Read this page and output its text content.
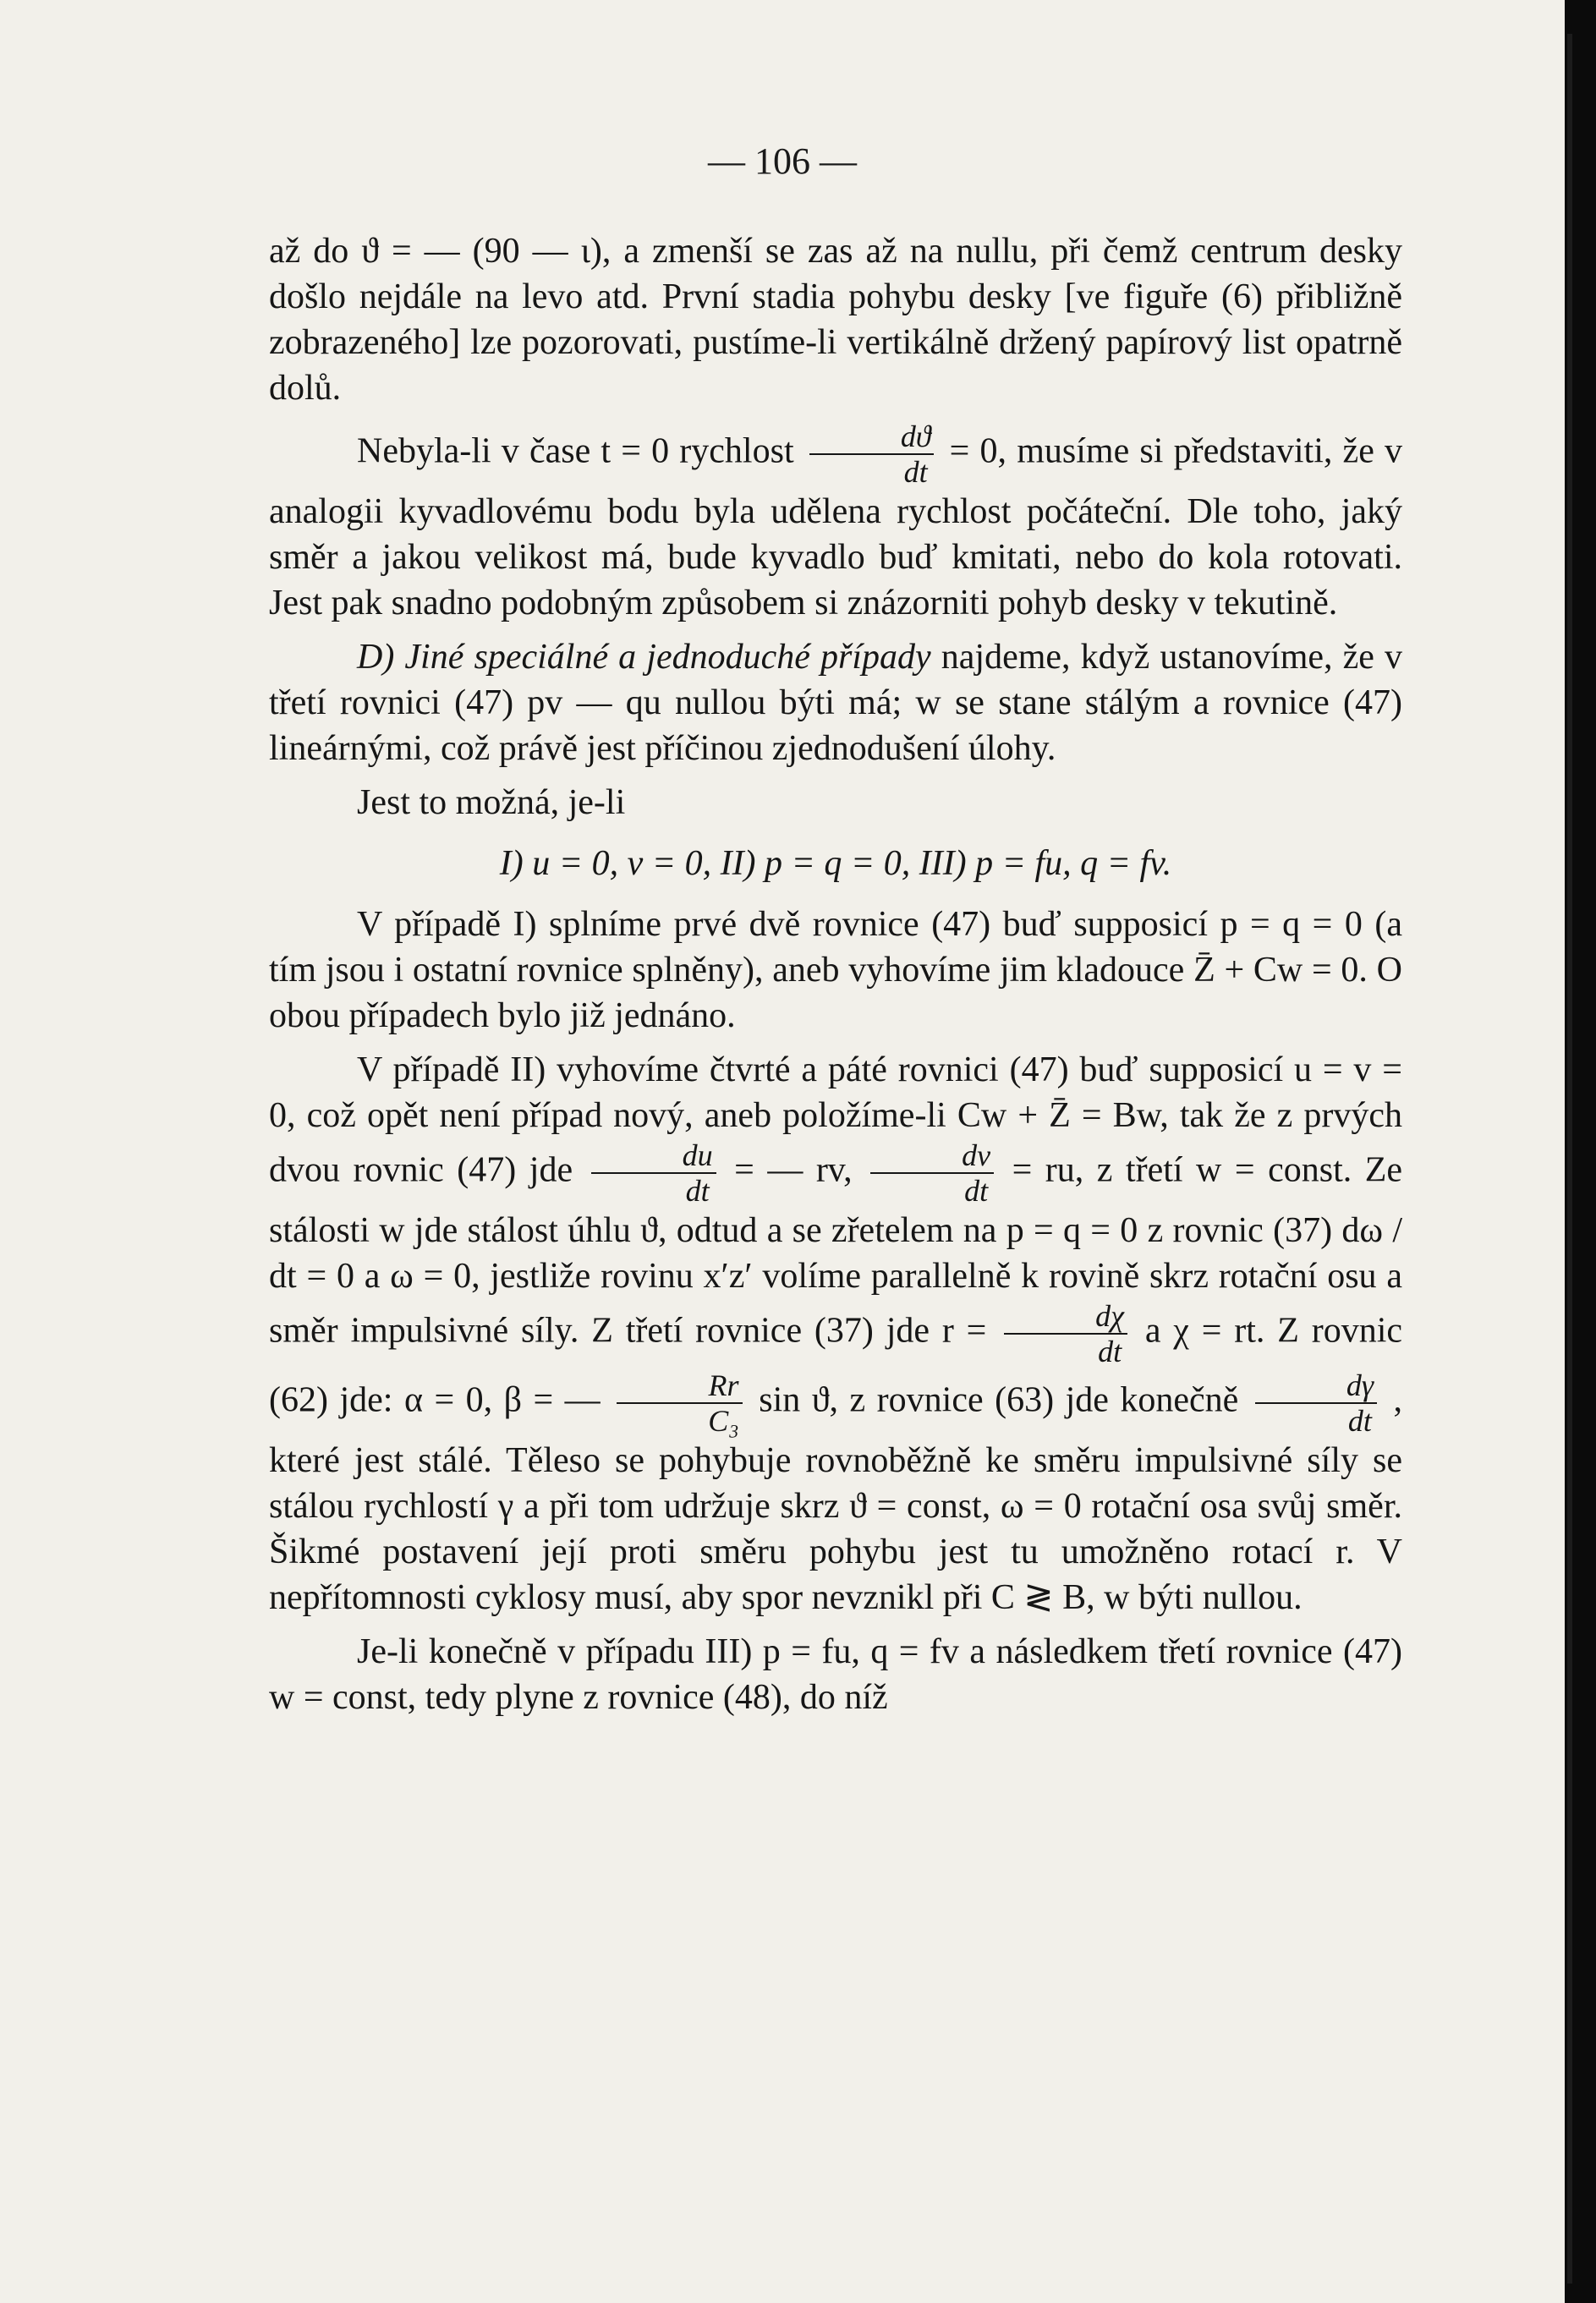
— 106 —

až do ϑ = — (90 — ι), a zmenší se zas až na nullu, při čemž centrum desky došlo nejdále na levo atd. První stadia pohybu desky [ve figuře (6) přibližně zobrazeného] lze pozorovati, pustíme-li vertikálně držený papírový list opatrně dolů.

Nebyla-li v čase t = 0 rychlost $\frac{dϑ}{dt} = 0$, musíme si představiti, že v analogii kyvadlovému bodu byla udělena rychlost počáteční. Dle toho, jaký směr a jakou velikost má, bude kyvadlo buď kmitati, nebo do kola rotovati. Jest pak snadno podobným způsobem si znázorniti pohyb desky v tekutině.

D) Jiné speciálné a jednoduché případy najdeme, když ustanovíme, že v třetí rovnici (47) pv — qu nullou býti má; w se stane stálým a rovnice (47) lineárnými, což právě jest příčinou zjednodušení úlohy.

Jest to možná, je-li

I) u = 0, v = 0, II) p = q = 0, III) p = fu, q = fv.

V případě I) splníme prvé dvě rovnice (47) buď supposicí p = q = 0 (a tím jsou i ostatní rovnice splněny), aneb vyhovíme jim kladouce Z̄ + Cw = 0. O obou případech bylo již jednáno.

V případě II) vyhovíme čtvrté a páté rovnici (47) buď supposicí u = v = 0, což opět není případ nový, aneb položíme-li Cw + Z̄ = Bw, tak že z prvých dvou rovnic (47) jde $\frac{du}{dt}$ = — rv, $\frac{dv}{dt}$ = ru, z třetí w = const. Ze stálosti w jde stálost úhlu ϑ, odtud a se zřetelem na p = q = 0 z rovnic (37) dω / dt = 0 a ω = 0, jestliže rovinu x′z′ volíme parallelně k rovině skrz rotační osu a směr impulsivné síly. Z třetí rovnice (37) jde $r = \frac{d\chi}{dt}$ a χ = rt. Z rovnic (62) jde: α = 0, β = — $\frac{Rr}{\text{C₃}}$ sin ϑ, z rovnice (63) jde konečně $\frac{d\gamma}{dt}$ , které jest stálé. Těleso se pohybuje rovnoběžně ke směru impulsivné síly se stálou rychlostí γ a při tom udržuje skrz ϑ = const, ω = 0 rotační osa svůj směr. Šikmé postavení její proti směru pohybu jest tu umožněno rotací r. V nepřítomnosti cyklosy musí, aby spor nevznikl při C ≷ B, w býti nullou.

Je-li konečně v případu III) p = fu, q = fv a následkem třetí rovnice (47) w = const, tedy plyne z rovnice (48), do níž
